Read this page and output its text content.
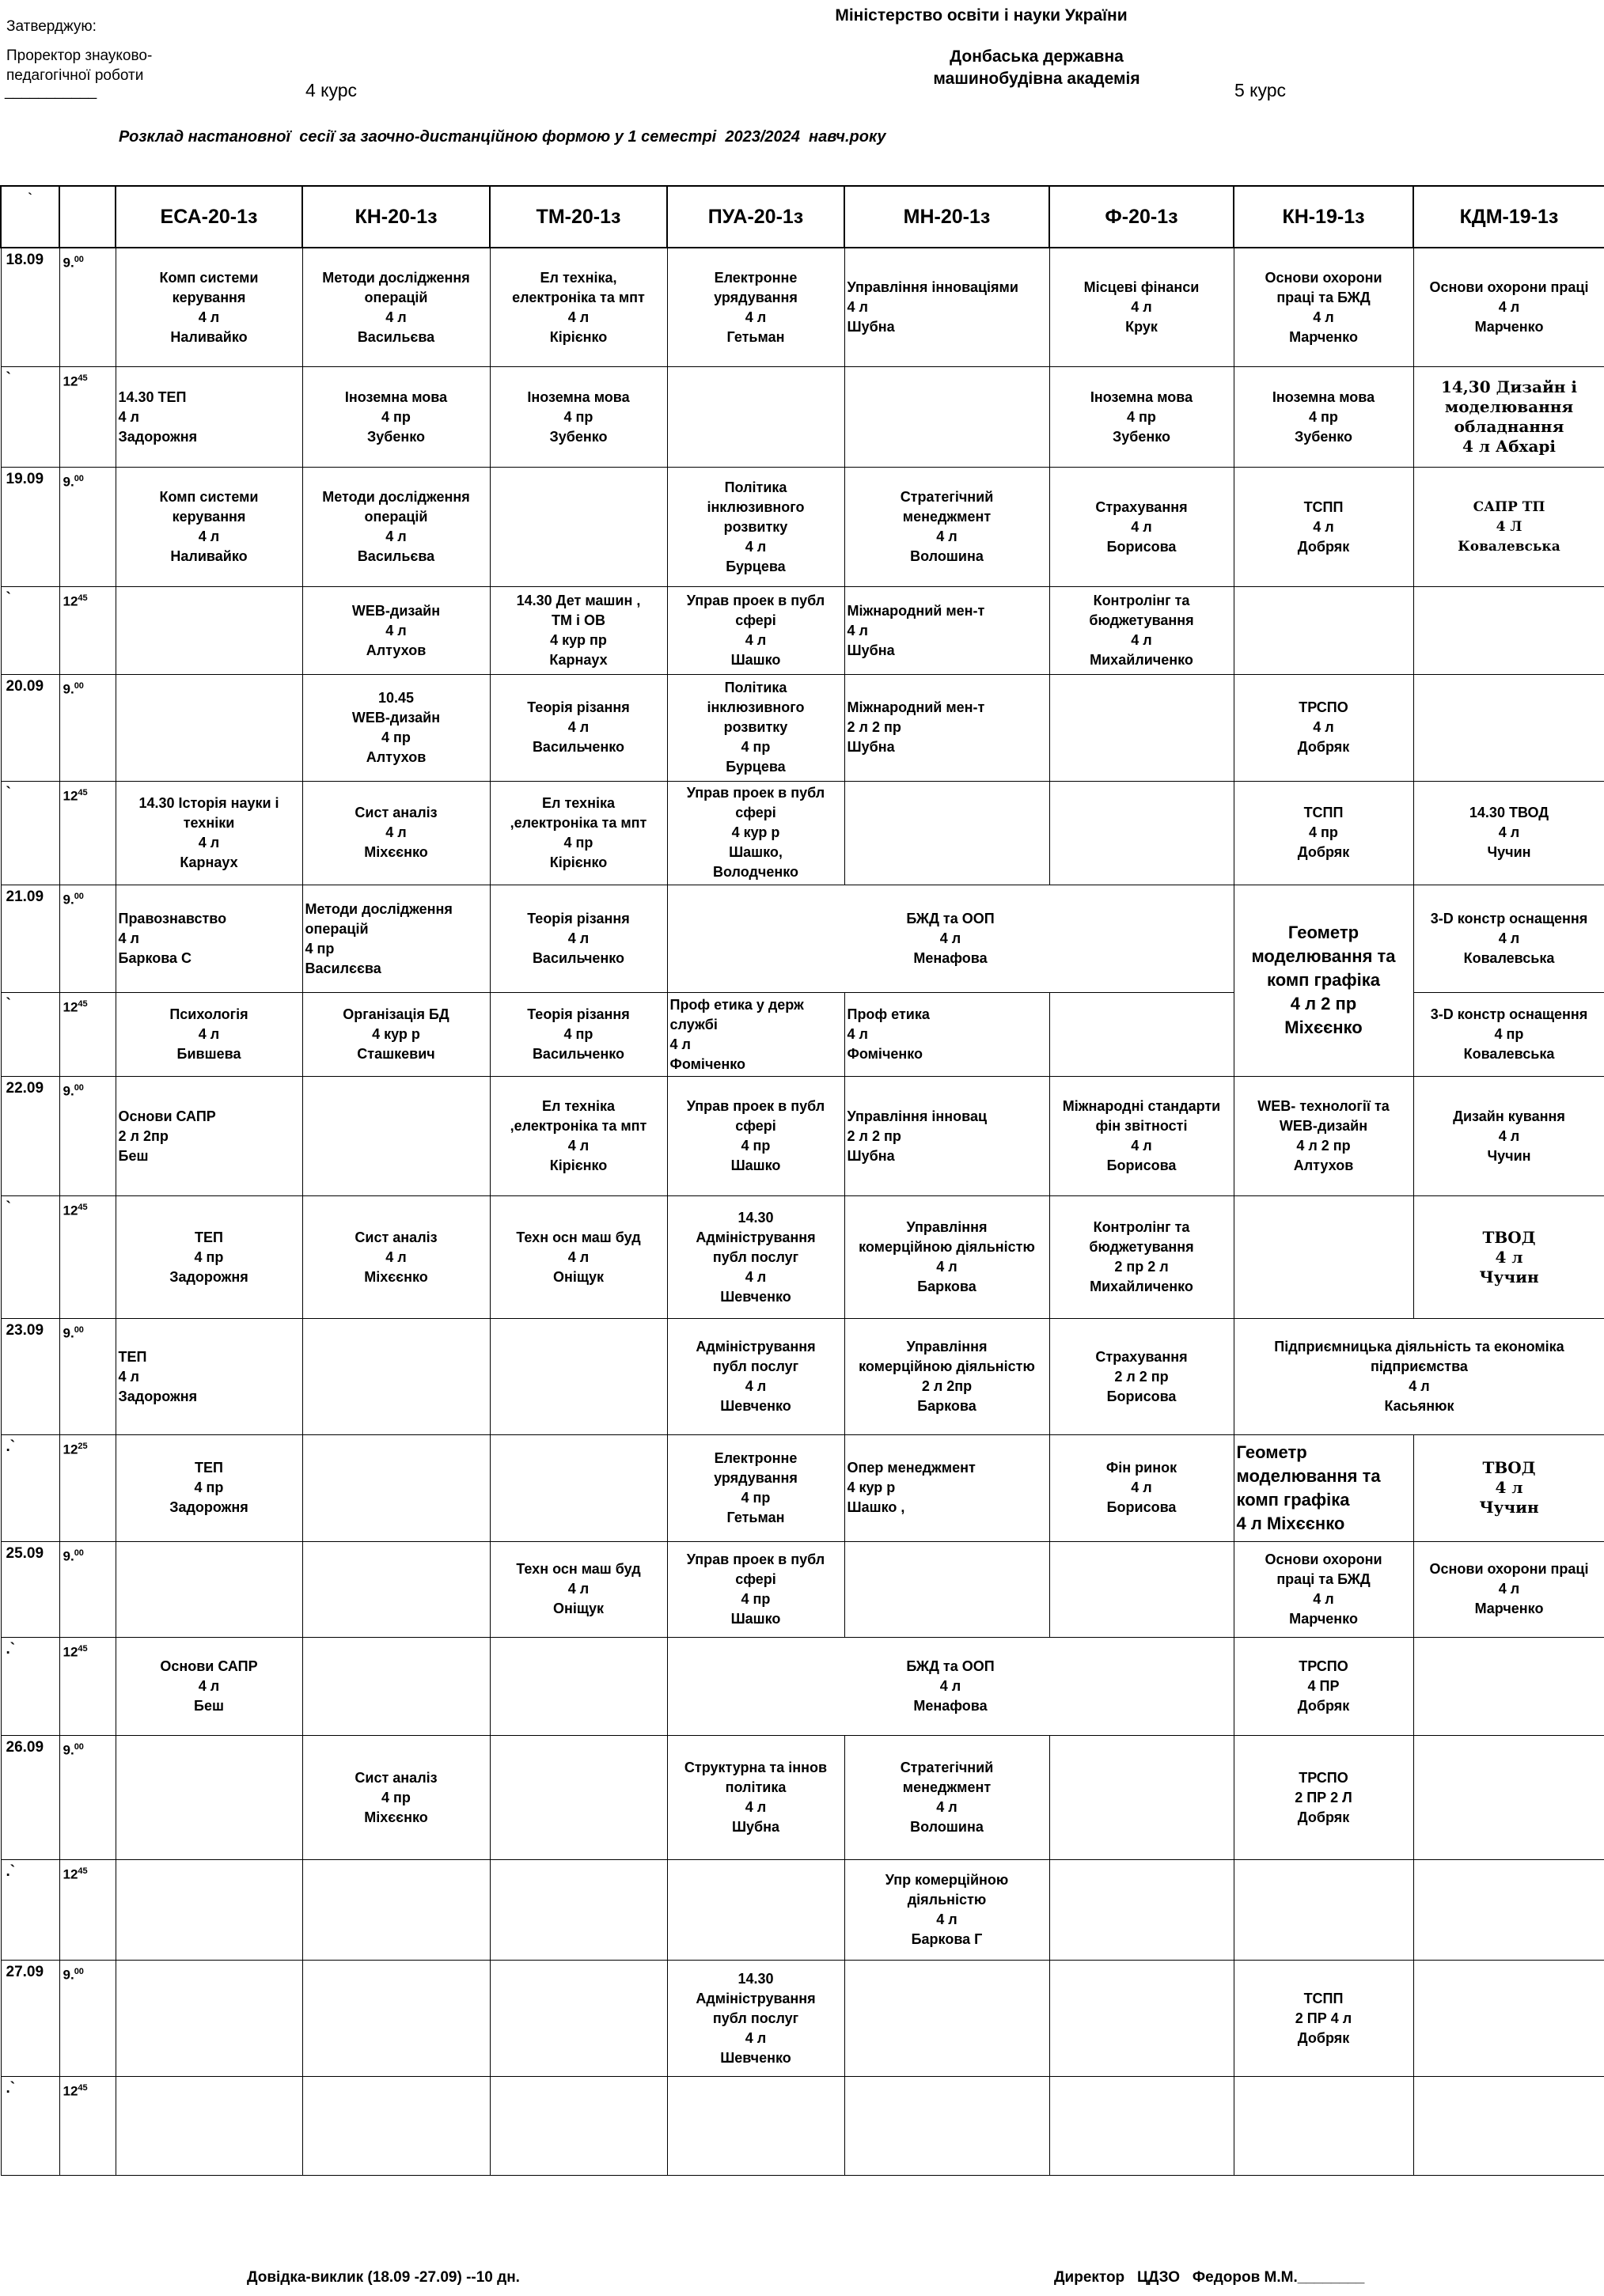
Затверджую:
Проректор знауково-
педагогічної роботи
___________	4 курс
Міністерство освіти і науки України
Донбаська державна
машинобудівна академія
5 курс
Розклад настановної  сесії за заочно-дистанційною формою у 1 семестрі  2023/2024  навч.року
`		ЕСА-20-1з	КН-20-1з	ТМ-20-1з	ПУА-20-1з	МН-20-1з	Ф-20-1з	КН-19-1з	КДМ-19-1з
18.09	9.00	Комп системи
керування
4 л
Наливайко	Методи дослідження
операцій
4 л
Васильєва	Ел техніка,
електроніка та мпт
4 л
Кірієнко	Електронне
урядування
4 л
Гетьман	Управління інноваціями
4 л
Шубна	Місцеві фінанси
4 л
Крук	Основи охорони
праці та БЖД
4 л
Марченко	Основи охорони праці
4 л
Марченко
`	$12^{45}$	14.30 ТЕП
4 л
Задорожня	Іноземна мова
4 пр
Зубенко	Іноземна мова
4 пр
Зубенко			Іноземна мова
4 пр
Зубенко	Іноземна мова
4 пр
Зубенко	14,30 Дизайн і
моделювання
обладнання
4 л Абхарі
19.09	9.00	Комп системи
керування
4 л
Наливайко	Методи дослідження
операцій
4 л
Васильєва		Політика
інклюзивного
розвитку
4 л
Бурцева	Стратегічний
менеджмент
4 л
Волошина	Страхування
4 л
Борисова	ТСПП
4 л
Добряк	САПР ТП
4 Л
Ковалевська
`	$12^{45}$		WEB-дизайн
4 л
Алтухов	14.30 Дет машин ,
ТМ і ОВ
4 кур пр
Карнаух	Управ проек в публ
сфері
4 л
Шашко	Міжнародний мен-т
4 л
Шубна	Контролінг та
бюджетування
4 л
Михайличенко		
20.09	9.00		10.45
WEB-дизайн
4 пр
Алтухов	Теорія різання
4 л
Васильченко	Політика
інклюзивного
розвитку
4 пр
Бурцева	Міжнародний мен-т
2 л 2 пр
Шубна		ТРСПО
4 л
Добряк	
`	$12^{45}$	14.30 Історія науки і
техніки
4 л
Карнаух	Сист аналіз
4 л
Міхєєнко	Ел техніка
,електроніка та мпт
4 пр
Кірієнко	Управ проек в публ
сфері
4 кур р
Шашко,
Володченко			ТСПП
4 пр
Добряк	14.30 ТВОД
4 л
Чучин
21.09	9.00	Правознавство
4 л
Баркова С	Методи дослідження
операцій
4 пр
Василєєва	Теорія різання
4 л
Васильченко	БЖД та ООП
4 л
Менафова			Геометр
моделювання та
комп графіка
4 л 2 пр
Міхєєнко	3-D констр оснащення
4 л
Ковалевська
`	$12^{45}$	Психологія
4 л
Бившева	Організація БД
4 кур р
Сташкевич	Теорія різання
4 пр
Васильченко	Проф етика у держ
службі
4 л
Фоміченко	Проф етика
4 л
Фоміченко			3-D констр оснащення
4 пр
Ковалевська
22.09	9.00	Основи САПР
2 л 2пр
Беш		Ел техніка
,електроніка та мпт
4 л
Кірієнко	Управ проек в публ
сфері
4 пр
Шашко	Управління інновац
2 л 2 пр
Шубна	Міжнародні стандарти
фін звітності
4 л
Борисова	WEB- технології та
WEB-дизайн
4 л 2 пр
Алтухов	Дизайн кування
4 л
Чучин
`	$12^{45}$	ТЕП
4 пр
Задорожня	Сист аналіз
4 л
Міхєєнко	Техн осн маш буд
4 л
Оніщук	14.30
Адміністрування
публ послуг
4 л
Шевченко	Управління
комерційною діяльністю
4 л
Баркова	Контролінг та
бюджетування
2 пр 2 л
Михайличенко		ТВОД
4 л
Чучин
23.09	9.00	ТЕП
4 л
Задорожня			Адміністрування
публ послуг
4 л
Шевченко	Управління
комерційною діяльністю
2 л 2пр
Баркова	Страхування
2 л 2 пр
Борисова	Підприємницька діяльність та економіка
підприємства
4 л
Касьянюк	
.`	$12^{25}$	ТЕП
4 пр
Задорожня			Електронне
урядування
4 пр
Гетьман	Опер менеджмент
4 кур р
Шашко ,	Фін ринок
4 л
Борисова	Геометр
моделювання та
комп графіка
4 л Міхєєнко	ТВОД
4 л
Чучин
25.09	9.00			Техн осн маш буд
4 л
Оніщук	Управ проек в публ
сфері
4 пр
Шашко			Основи охорони
праці та БЖД
4 л
Марченко	Основи охорони праці
4 л
Марченко
.`	$12^{45}$	Основи САПР
4 л
Беш			БЖД та ООП
4 л
Менафова			ТРСПО
4 ПР
Добряк	
26.09	9.00		Сист аналіз
4 пр
Міхєєнко		Структурна та іннов
політика
4 л
Шубна	Стратегічний
менеджмент
4 л
Волошина		ТРСПО
2 ПР 2 Л
Добряк	
.`	$12^{45}$					Упр комерційною
діяльністю
4 л
Баркова Г			
27.09	9.00				14.30
Адміністрування
публ послуг
4 л
Шевченко			ТСПП
2 ПР 4 л
Добряк	
.`	$12^{45}$								
Довідка-виклик (18.09 -27.09) --10 дн.	Директор   ЦДЗО   Федоров М.М.________
